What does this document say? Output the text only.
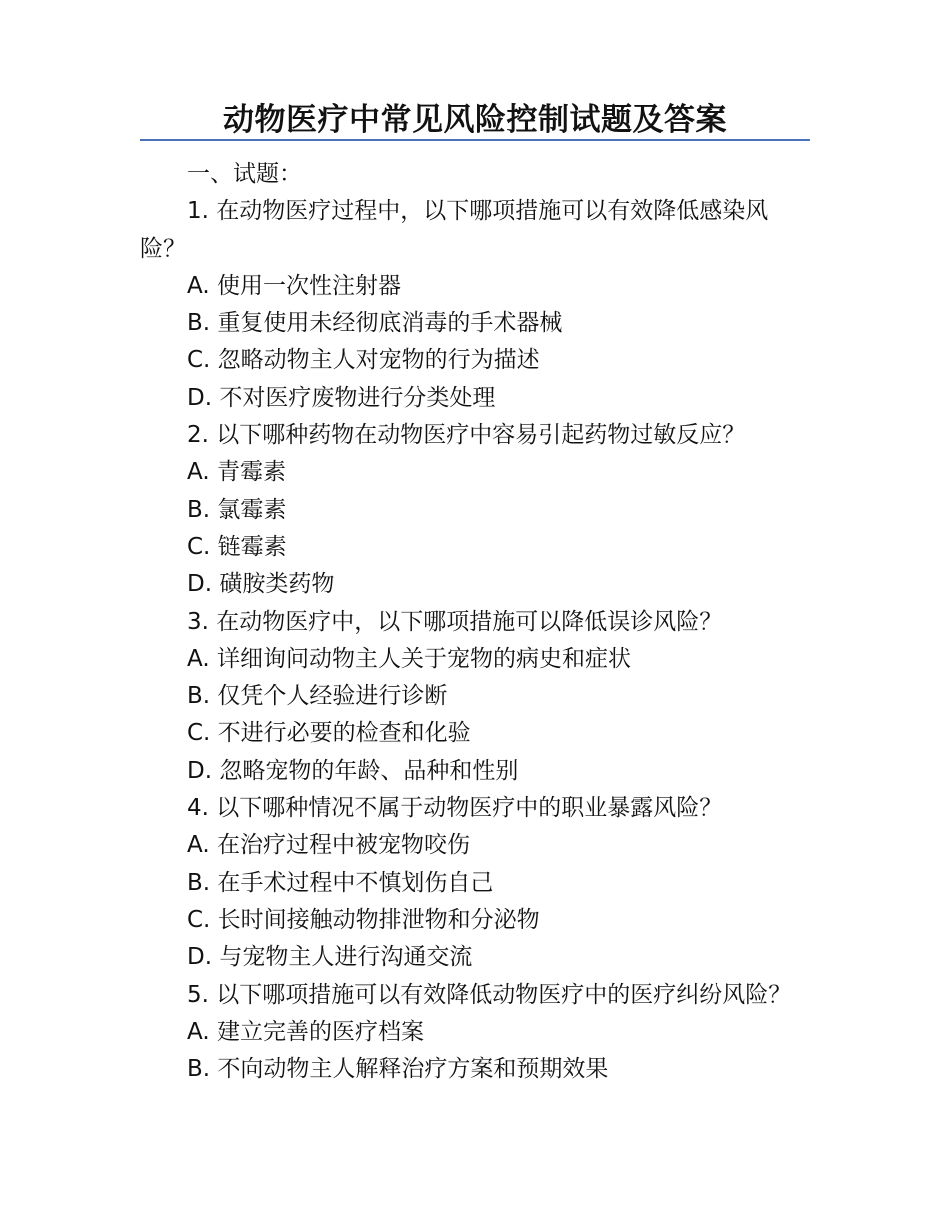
动物医疗中常见风险控制试题及答案

一、试题：

1. 在动物医疗过程中，以下哪项措施可以有效降低感染风险？

A. 使用一次性注射器

B. 重复使用未经彻底消毒的手术器械

C. 忽略动物主人对宠物的行为描述

D. 不对医疗废物进行分类处理

2. 以下哪种药物在动物医疗中容易引起药物过敏反应？

A. 青霉素

B. 氯霉素

C. 链霉素

D. 磺胺类药物

3. 在动物医疗中，以下哪项措施可以降低误诊风险？

A. 详细询问动物主人关于宠物的病史和症状

B. 仅凭个人经验进行诊断

C. 不进行必要的检查和化验

D. 忽略宠物的年龄、品种和性别

4. 以下哪种情况不属于动物医疗中的职业暴露风险？

A. 在治疗过程中被宠物咬伤

B. 在手术过程中不慎划伤自己

C. 长时间接触动物排泄物和分泌物

D. 与宠物主人进行沟通交流

5. 以下哪项措施可以有效降低动物医疗中的医疗纠纷风险？

A. 建立完善的医疗档案

B. 不向动物主人解释治疗方案和预期效果
